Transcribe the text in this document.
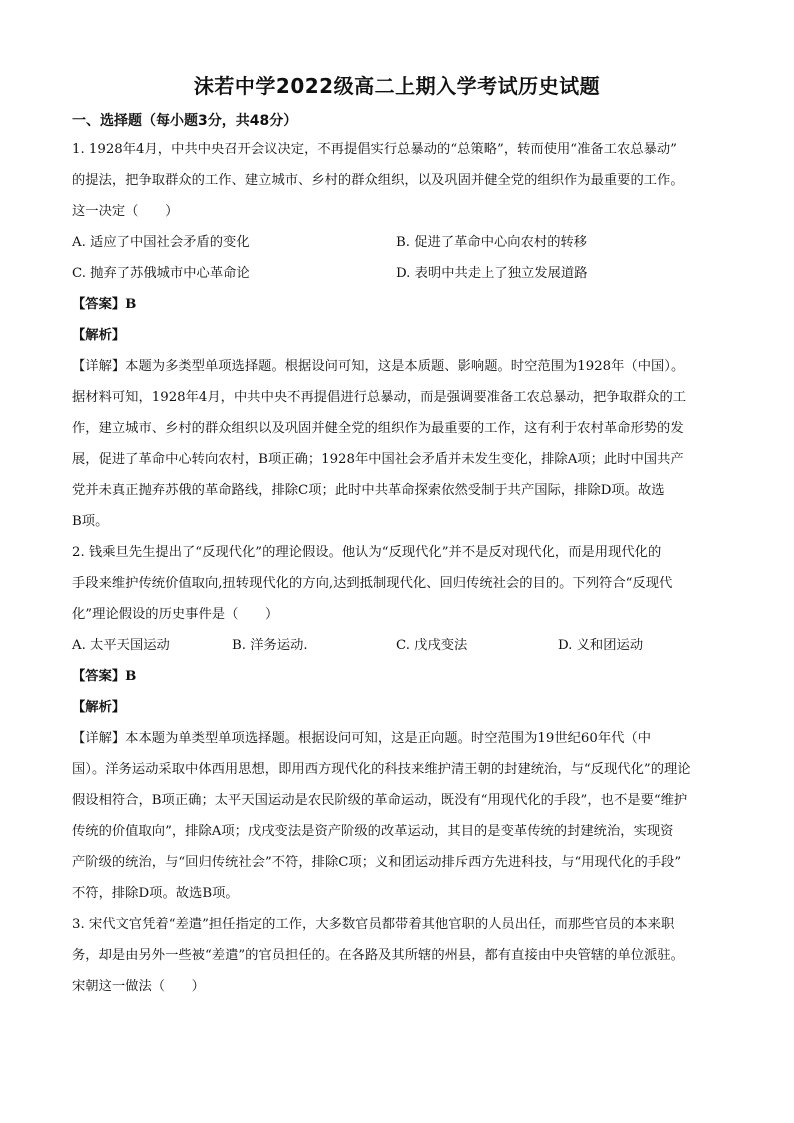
沫若中学2022级高二上期入学考试历史试题
一、选择题（每小题3分，共48分）

1. 1928年4月，中共中央召开会议决定，不再提倡实行总暴动的“总策略”，转而使用“准备工农总暴动”

的提法，把争取群众的工作、建立城市、乡村的群众组织，以及巩固并健全党的组织作为最重要的工作。

这一决定（　　）

A. 适应了中国社会矛盾的变化	B. 促进了革命中心向农村的转移
C. 抛弃了苏俄城市中心革命论	D. 表明中共走上了独立发展道路
【答案】B
【解析】

【详解】本题为多类型单项选择题。根据设问可知，这是本质题、影响题。时空范围为1928年（中国）。

据材料可知，1928年4月，中共中央不再提倡进行总暴动，而是强调要准备工农总暴动，把争取群众的工

作，建立城市、乡村的群众组织以及巩固并健全党的组织作为最重要的工作，这有利于农村革命形势的发

展，促进了革命中心转向农村，B项正确；1928年中国社会矛盾并未发生变化，排除A项；此时中国共产

党并未真正抛弃苏俄的革命路线，排除C项；此时中共革命探索依然受制于共产国际，排除D项。故选

B项。

2. 钱乘旦先生提出了“反现代化”的理论假设。他认为“反现代化”并不是反对现代化，而是用现代化的

手段来维护传统价值取向,扭转现代化的方向,达到抵制现代化、回归传统社会的目的。下列符合“反现代

化”理论假设的历史事件是（　　）

A. 太平天国运动	B. 洋务运动.	C. 戊戌变法	D. 义和团运动
【答案】B
【解析】

【详解】本本题为单类型单项选择题。根据设问可知，这是正向题。时空范围为19世纪60年代（中

国）。洋务运动采取中体西用思想，即用西方现代化的科技来维护清王朝的封建统治，与“反现代化”的理论

假设相符合，B项正确；太平天国运动是农民阶级的革命运动，既没有“用现代化的手段”，也不是要“维护

传统的价值取向”，排除A项；戊戌变法是资产阶级的改革运动，其目的是变革传统的封建统治，实现资

产阶级的统治，与“回归传统社会”不符，排除C项；义和团运动排斥西方先进科技，与“用现代化的手段”

不符，排除D项。故选B项。

3. 宋代文官凭着“差遣”担任指定的工作，大多数官员都带着其他官职的人员出任，而那些官员的本来职

务，却是由另外一些被“差遣”的官员担任的。在各路及其所辖的州县，都有直接由中央管辖的单位派驻。

宋朝这一做法（　　）
